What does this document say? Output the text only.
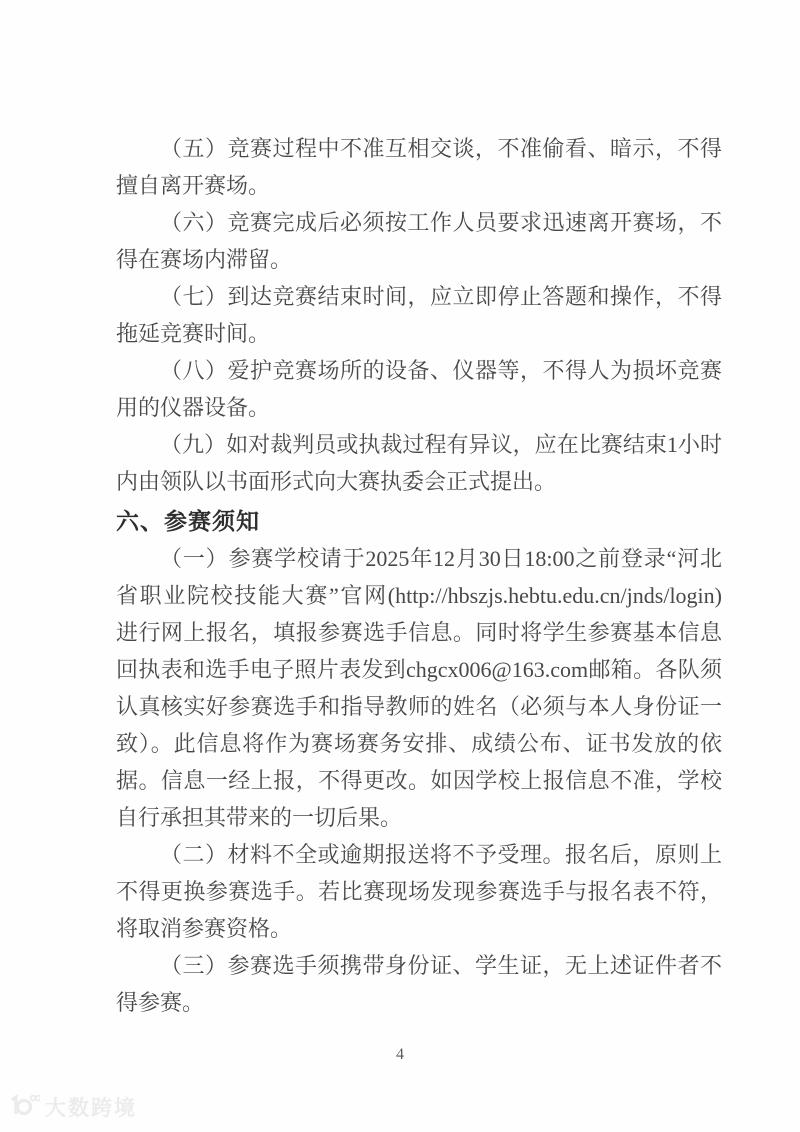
（五）竞赛过程中不准互相交谈，不准偷看、暗示，不得擅自离开赛场。

（六）竞赛完成后必须按工作人员要求迅速离开赛场，不得在赛场内滞留。

（七）到达竞赛结束时间，应立即停止答题和操作，不得拖延竞赛时间。

（八）爱护竞赛场所的设备、仪器等，不得人为损坏竞赛用的仪器设备。

（九）如对裁判员或执裁过程有异议，应在比赛结束1小时内由领队以书面形式向大赛执委会正式提出。

六、参赛须知

（一）参赛学校请于2025年12月30日18:00之前登录“河北省职业院校技能大赛”官网(http://hbszjs.hebtu.edu.cn/jnds/login)进行网上报名，填报参赛选手信息。同时将学生参赛基本信息回执表和选手电子照片表发到chgcx006@163.com邮箱。各队须认真核实好参赛选手和指导教师的姓名（必须与本人身份证一致）。此信息将作为赛场赛务安排、成绩公布、证书发放的依据。信息一经上报，不得更改。如因学校上报信息不准，学校自行承担其带来的一切后果。

（二）材料不全或逾期报送将不予受理。报名后，原则上不得更换参赛选手。若比赛现场发现参赛选手与报名表不符，将取消参赛资格。

（三）参赛选手须携带身份证、学生证，无上述证件者不得参赛。

4
大数跨境
